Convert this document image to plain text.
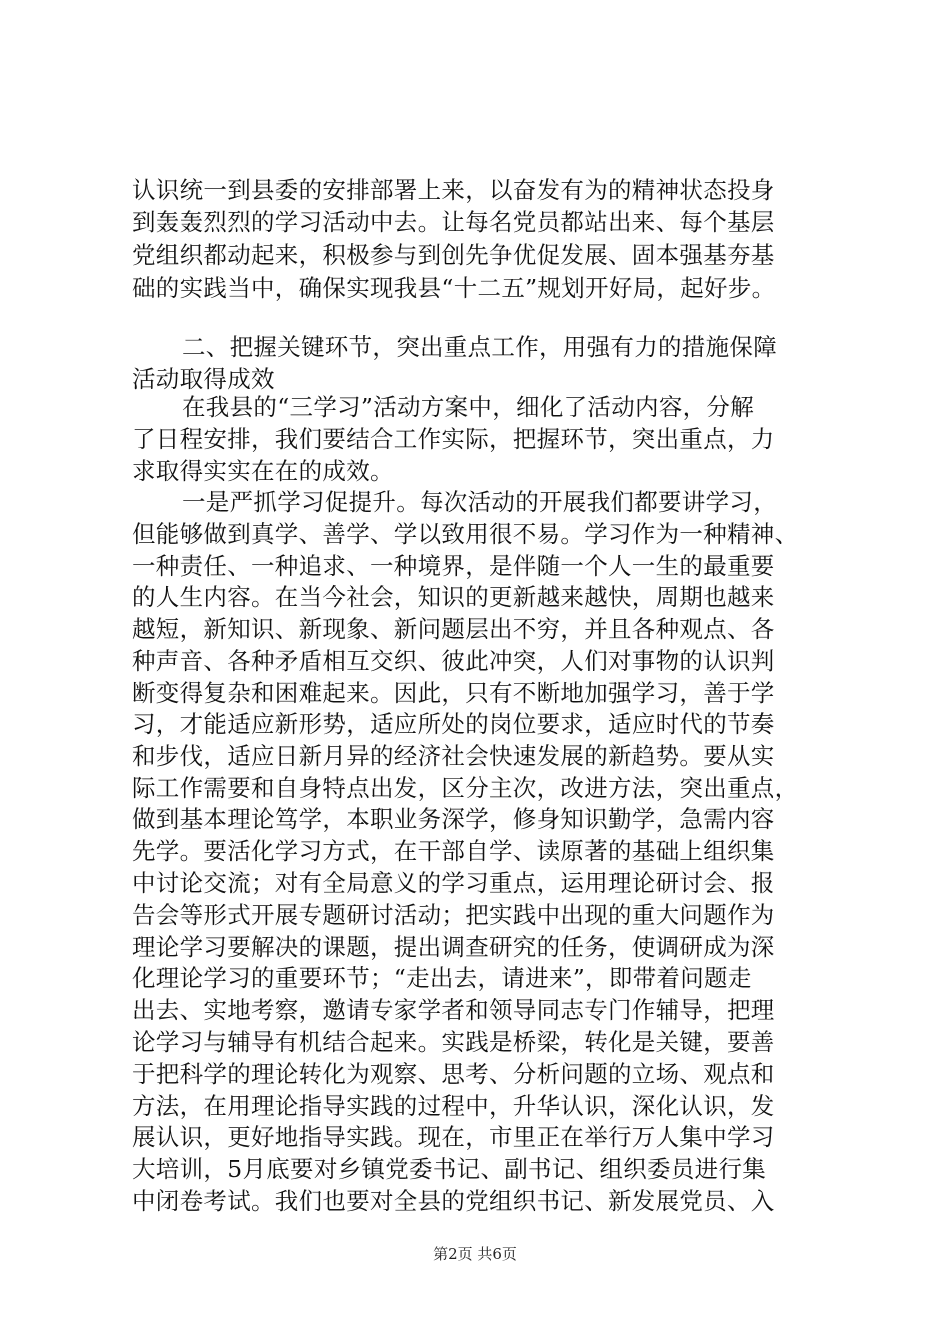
认识统一到县委的安排部署上来，以奋发有为的精神状态投身
到轰轰烈烈的学习活动中去。让每名党员都站出来、每个基层
党组织都动起来，积极参与到创先争优促发展、固本强基夯基
础的实践当中，确保实现我县“十二五”规划开好局，起好步。
二、把握关键环节，突出重点工作，用强有力的措施保障
活动取得成效
在我县的“三学习”活动方案中，细化了活动内容，分解
了日程安排，我们要结合工作实际，把握环节，突出重点，力
求取得实实在在的成效。
一是严抓学习促提升。每次活动的开展我们都要讲学习，
但能够做到真学、善学、学以致用很不易。学习作为一种精神、
一种责任、一种追求、一种境界，是伴随一个人一生的最重要
的人生内容。在当今社会，知识的更新越来越快，周期也越来
越短，新知识、新现象、新问题层出不穷，并且各种观点、各
种声音、各种矛盾相互交织、彼此冲突，人们对事物的认识判
断变得复杂和困难起来。因此，只有不断地加强学习，善于学
习，才能适应新形势，适应所处的岗位要求，适应时代的节奏
和步伐，适应日新月异的经济社会快速发展的新趋势。要从实
际工作需要和自身特点出发，区分主次，改进方法，突出重点，
做到基本理论笃学，本职业务深学，修身知识勤学，急需内容
先学。要活化学习方式，在干部自学、读原著的基础上组织集
中讨论交流；对有全局意义的学习重点，运用理论研讨会、报
告会等形式开展专题研讨活动；把实践中出现的重大问题作为
理论学习要解决的课题，提出调查研究的任务，使调研成为深
化理论学习的重要环节；“走出去，请进来”，即带着问题走
出去、实地考察，邀请专家学者和领导同志专门作辅导，把理
论学习与辅导有机结合起来。实践是桥梁，转化是关键，要善
于把科学的理论转化为观察、思考、分析问题的立场、观点和
方法，在用理论指导实践的过程中，升华认识，深化认识，发
展认识，更好地指导实践。现在，市里正在举行万人集中学习
大培训，5月底要对乡镇党委书记、副书记、组织委员进行集
中闭卷考试。我们也要对全县的党组织书记、新发展党员、入
第2页 共6页
